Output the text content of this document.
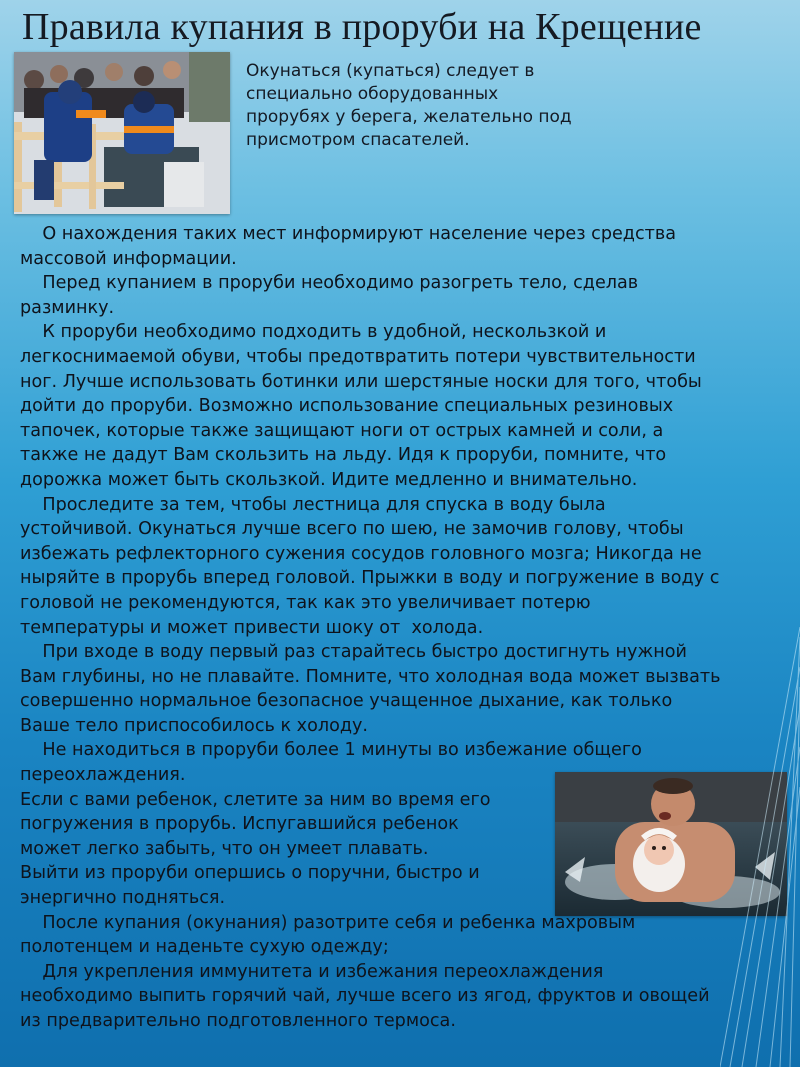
Правила купания в проруби на Крещение
Окунаться (купаться) следует в
специально оборудованных
прорубях у берега, желательно под
присмотром спасателей.
О нахождения таких мест информируют население через средства
массовой информации.
Перед купанием в проруби необходимо разогреть тело, сделав
разминку.
К проруби необходимо подходить в удобной, нескользкой и
легкоснимаемой обуви, чтобы предотвратить потери чувствительности
ног. Лучше использовать ботинки или шерстяные носки для того, чтобы
дойти до проруби. Возможно использование специальных резиновых
тапочек, которые также защищают ноги от острых камней и соли, а
также не дадут Вам скользить на льду. Идя к проруби, помните, что
дорожка может быть скользкой. Идите медленно и внимательно.
Проследите за тем, чтобы лестница для спуска в воду была
устойчивой. Окунаться лучше всего по шею, не замочив голову, чтобы
избежать рефлекторного сужения сосудов головного мозга; Никогда не
ныряйте в прорубь вперед головой. Прыжки в воду и погружение в воду с
головой не рекомендуются, так как это увеличивает потерю
температуры и может привести шоку от  холода.
При входе в воду первый раз старайтесь быстро достигнуть нужной
Вам глубины, но не плавайте. Помните, что холодная вода может вызвать
совершенно нормальное безопасное учащенное дыхание, как только
Ваше тело приспособилось к холоду.
Не находиться в проруби более 1 минуты во избежание общего
переохлаждения.
Если с вами ребенок, слетите за ним во время его
погружения в прорубь. Испугавшийся ребенок
может легко забыть, что он умеет плавать.
Выйти из проруби опершись о поручни, быстро и
энергично подняться.
После купания (окунания) разотрите себя и ребенка махровым
полотенцем и наденьте сухую одежду;
Для укрепления иммунитета и избежания переохлаждения
необходимо выпить горячий чай, лучше всего из ягод, фруктов и овощей
из предварительно подготовленного термоса.
